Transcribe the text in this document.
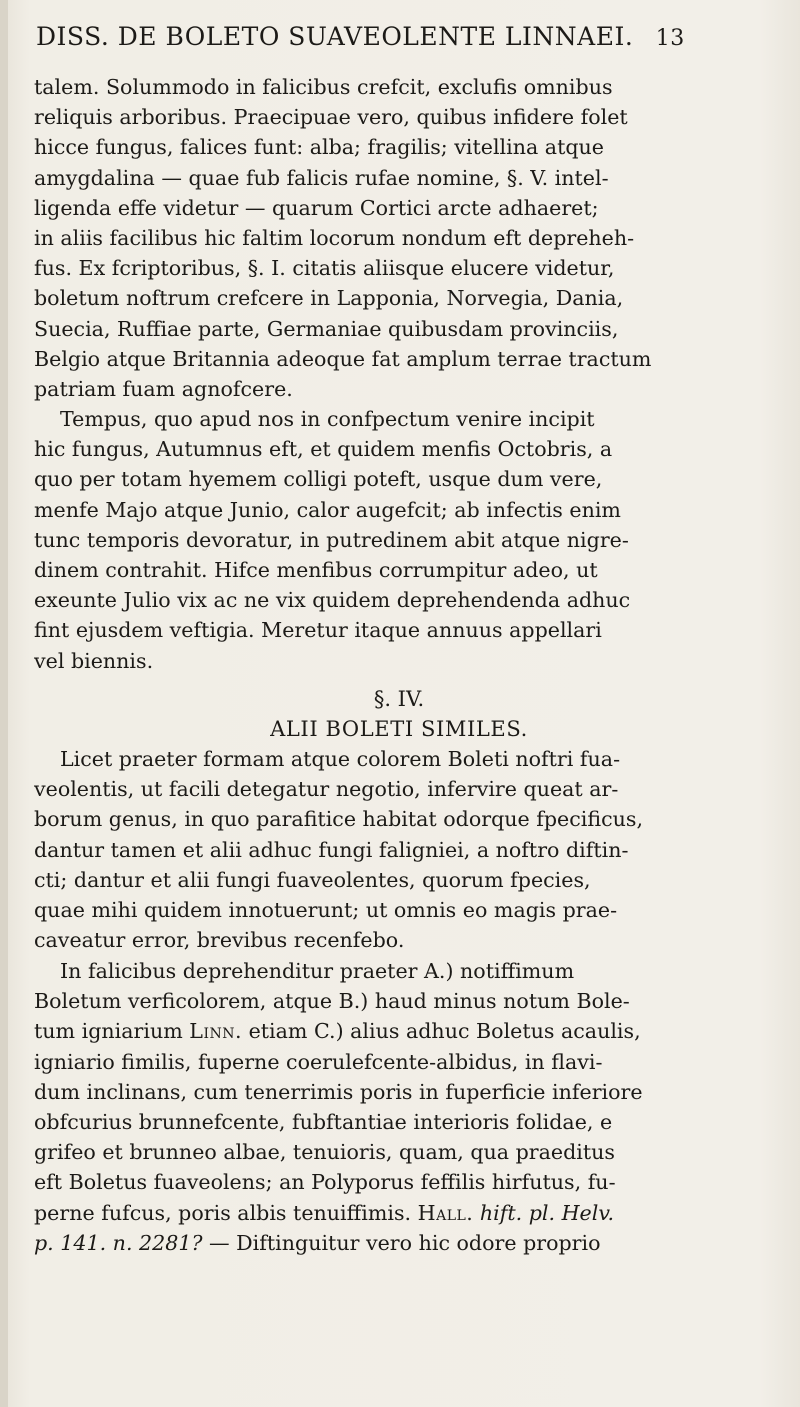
DISS. DE BOLETO SUAVEOLENTE LINNAEI. 13
talem. Solummodo in falicibus crefcit, exclufis omnibus
reliquis arboribus. Praecipuae vero, quibus infidere folet
hicce fungus, falices funt: alba; fragilis; vitellina atque
amygdalina — quae fub falicis rufae nomine, §. V. intel-
ligenda effe videtur — quarum Cortici arcte adhaeret;
in aliis facilibus hic faltim locorum nondum eft depreheh-
fus. Ex fcriptoribus, §. I. citatis aliisque elucere videtur,
boletum noftrum crefcere in Lapponia, Norvegia, Dania,
Suecia, Ruffiae parte, Germaniae quibusdam provinciis,
Belgio atque Britannia adeoque fat amplum terrae tractum
patriam fuam agnofcere.
Tempus, quo apud nos in confpectum venire incipit
hic fungus, Autumnus eft, et quidem menfis Octobris, a
quo per totam hyemem colligi poteft, usque dum vere,
menfe Majo atque Junio, calor augefcit; ab infectis enim
tunc temporis devoratur, in putredinem abit atque nigre-
dinem contrahit. Hifce menfibus corrumpitur adeo, ut
exeunte Julio vix ac ne vix quidem deprehendenda adhuc
fint ejusdem veftigia. Meretur itaque annuus appellari
vel biennis.
§. IV.
ALII BOLETI SIMILES.
Licet praeter formam atque colorem Boleti noftri fua-
veolentis, ut facili detegatur negotio, infervire queat ar-
borum genus, in quo parafitice habitat odorque fpecificus,
dantur tamen et alii adhuc fungi faligniei, a noftro diftin-
cti; dantur et alii fungi fuaveolentes, quorum fpecies,
quae mihi quidem innotuerunt; ut omnis eo magis prae-
caveatur error, brevibus recenfebo.
In falicibus deprehenditur praeter A.) notiffimum
Boletum verficolorem, atque B.) haud minus notum Bole-
tum igniarium Linn. etiam C.) alius adhuc Boletus acaulis,
igniario fimilis, fuperne coerulefcente-albidus, in flavi-
dum inclinans, cum tenerrimis poris in fuperficie inferiore
obfcurius brunnefcente, fubftantiae interioris folidae, e
grifeo et brunneo albae, tenuioris, quam, qua praeditus
eft Boletus fuaveolens; an Polyporus feffilis hirfutus, fu-
perne fufcus, poris albis tenuiffimis. Hall. hift. pl. Helv.
p. 141. n. 2281? — Diftinguitur vero hic odore proprio
